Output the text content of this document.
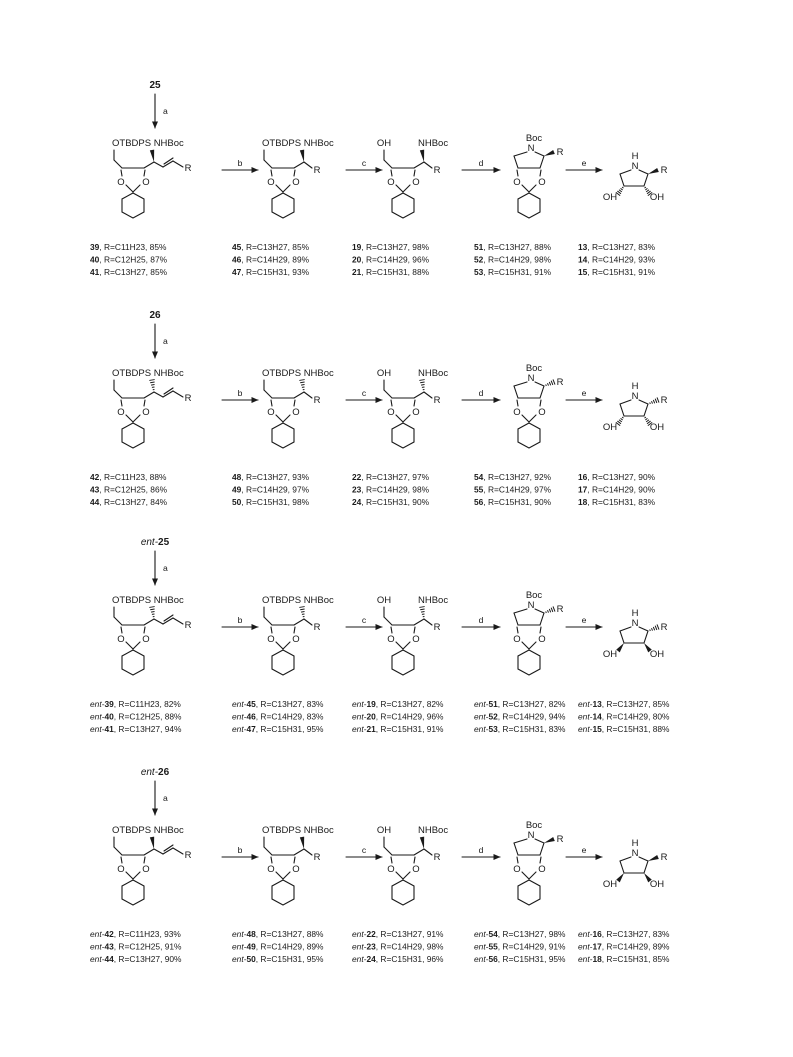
25
a
O O
OTBDPS NHBoc
R
O O
OTBDPS NHBoc
R
O O
OH	NHBoc
R
O O
N
Boc
R
N
H
R
OH	OH
b	c	d	e
39, R=C11H23, 85%
40, R=C12H25, 87%
41, R=C13H27, 85%
45, R=C13H27, 85%
46, R=C14H29, 89%
47, R=C15H31, 93%
19, R=C13H27, 98%
20, R=C14H29, 96%
21, R=C15H31, 88%
51, R=C13H27, 88%
52, R=C14H29, 98%
53, R=C15H31, 91%
13, R=C13H27, 83%
14, R=C14H29, 93%
15, R=C15H31, 91%
26
a
O O
OTBDPS NHBoc
R
O O
OTBDPS NHBoc
R
O O
OH	NHBoc
R
O O
N
Boc
R
N
H
R
OH	OH
b	c	d	e
42, R=C11H23, 88%
43, R=C12H25, 86%
44, R=C13H27, 84%
48, R=C13H27, 93%
49, R=C14H29, 97%
50, R=C15H31, 98%
22, R=C13H27, 97%
23, R=C14H29, 98%
24, R=C15H31, 90%
54, R=C13H27, 92%
55, R=C14H29, 97%
56, R=C15H31, 90%
16, R=C13H27, 90%
17, R=C14H29, 90%
18, R=C15H31, 83%
ent-25
a
O O
OTBDPS NHBoc
R
O O
OTBDPS NHBoc
R
O O
OH	NHBoc
R
O O
N
Boc
R
N
H
R
OH	OH
b	c	d	e
ent-39, R=C11H23, 82%
ent-40, R=C12H25, 88%
ent-41, R=C13H27, 94%
ent-45, R=C13H27, 83%
ent-46, R=C14H29, 83%
ent-47, R=C15H31, 95%
ent-19, R=C13H27, 82%
ent-20, R=C14H29, 96%
ent-21, R=C15H31, 91%
ent-51, R=C13H27, 82%
ent-52, R=C14H29, 94%
ent-53, R=C15H31, 83%
ent-13, R=C13H27, 85%
ent-14, R=C14H29, 80%
ent-15, R=C15H31, 88%
ent-26
a
O O
OTBDPS NHBoc
R
O O
OTBDPS NHBoc
R
O O
OH	NHBoc
R
O O
N
Boc
R
N
H
R
OH	OH
b	c	d	e
ent-42, R=C11H23, 93%
ent-43, R=C12H25, 91%
ent-44, R=C13H27, 90%
ent-48, R=C13H27, 88%
ent-49, R=C14H29, 89%
ent-50, R=C15H31, 95%
ent-22, R=C13H27, 91%
ent-23, R=C14H29, 98%
ent-24, R=C15H31, 96%
ent-54, R=C13H27, 98%
ent-55, R=C14H29, 91%
ent-56, R=C15H31, 95%
ent-16, R=C13H27, 83%
ent-17, R=C14H29, 89%
ent-18, R=C15H31, 85%
